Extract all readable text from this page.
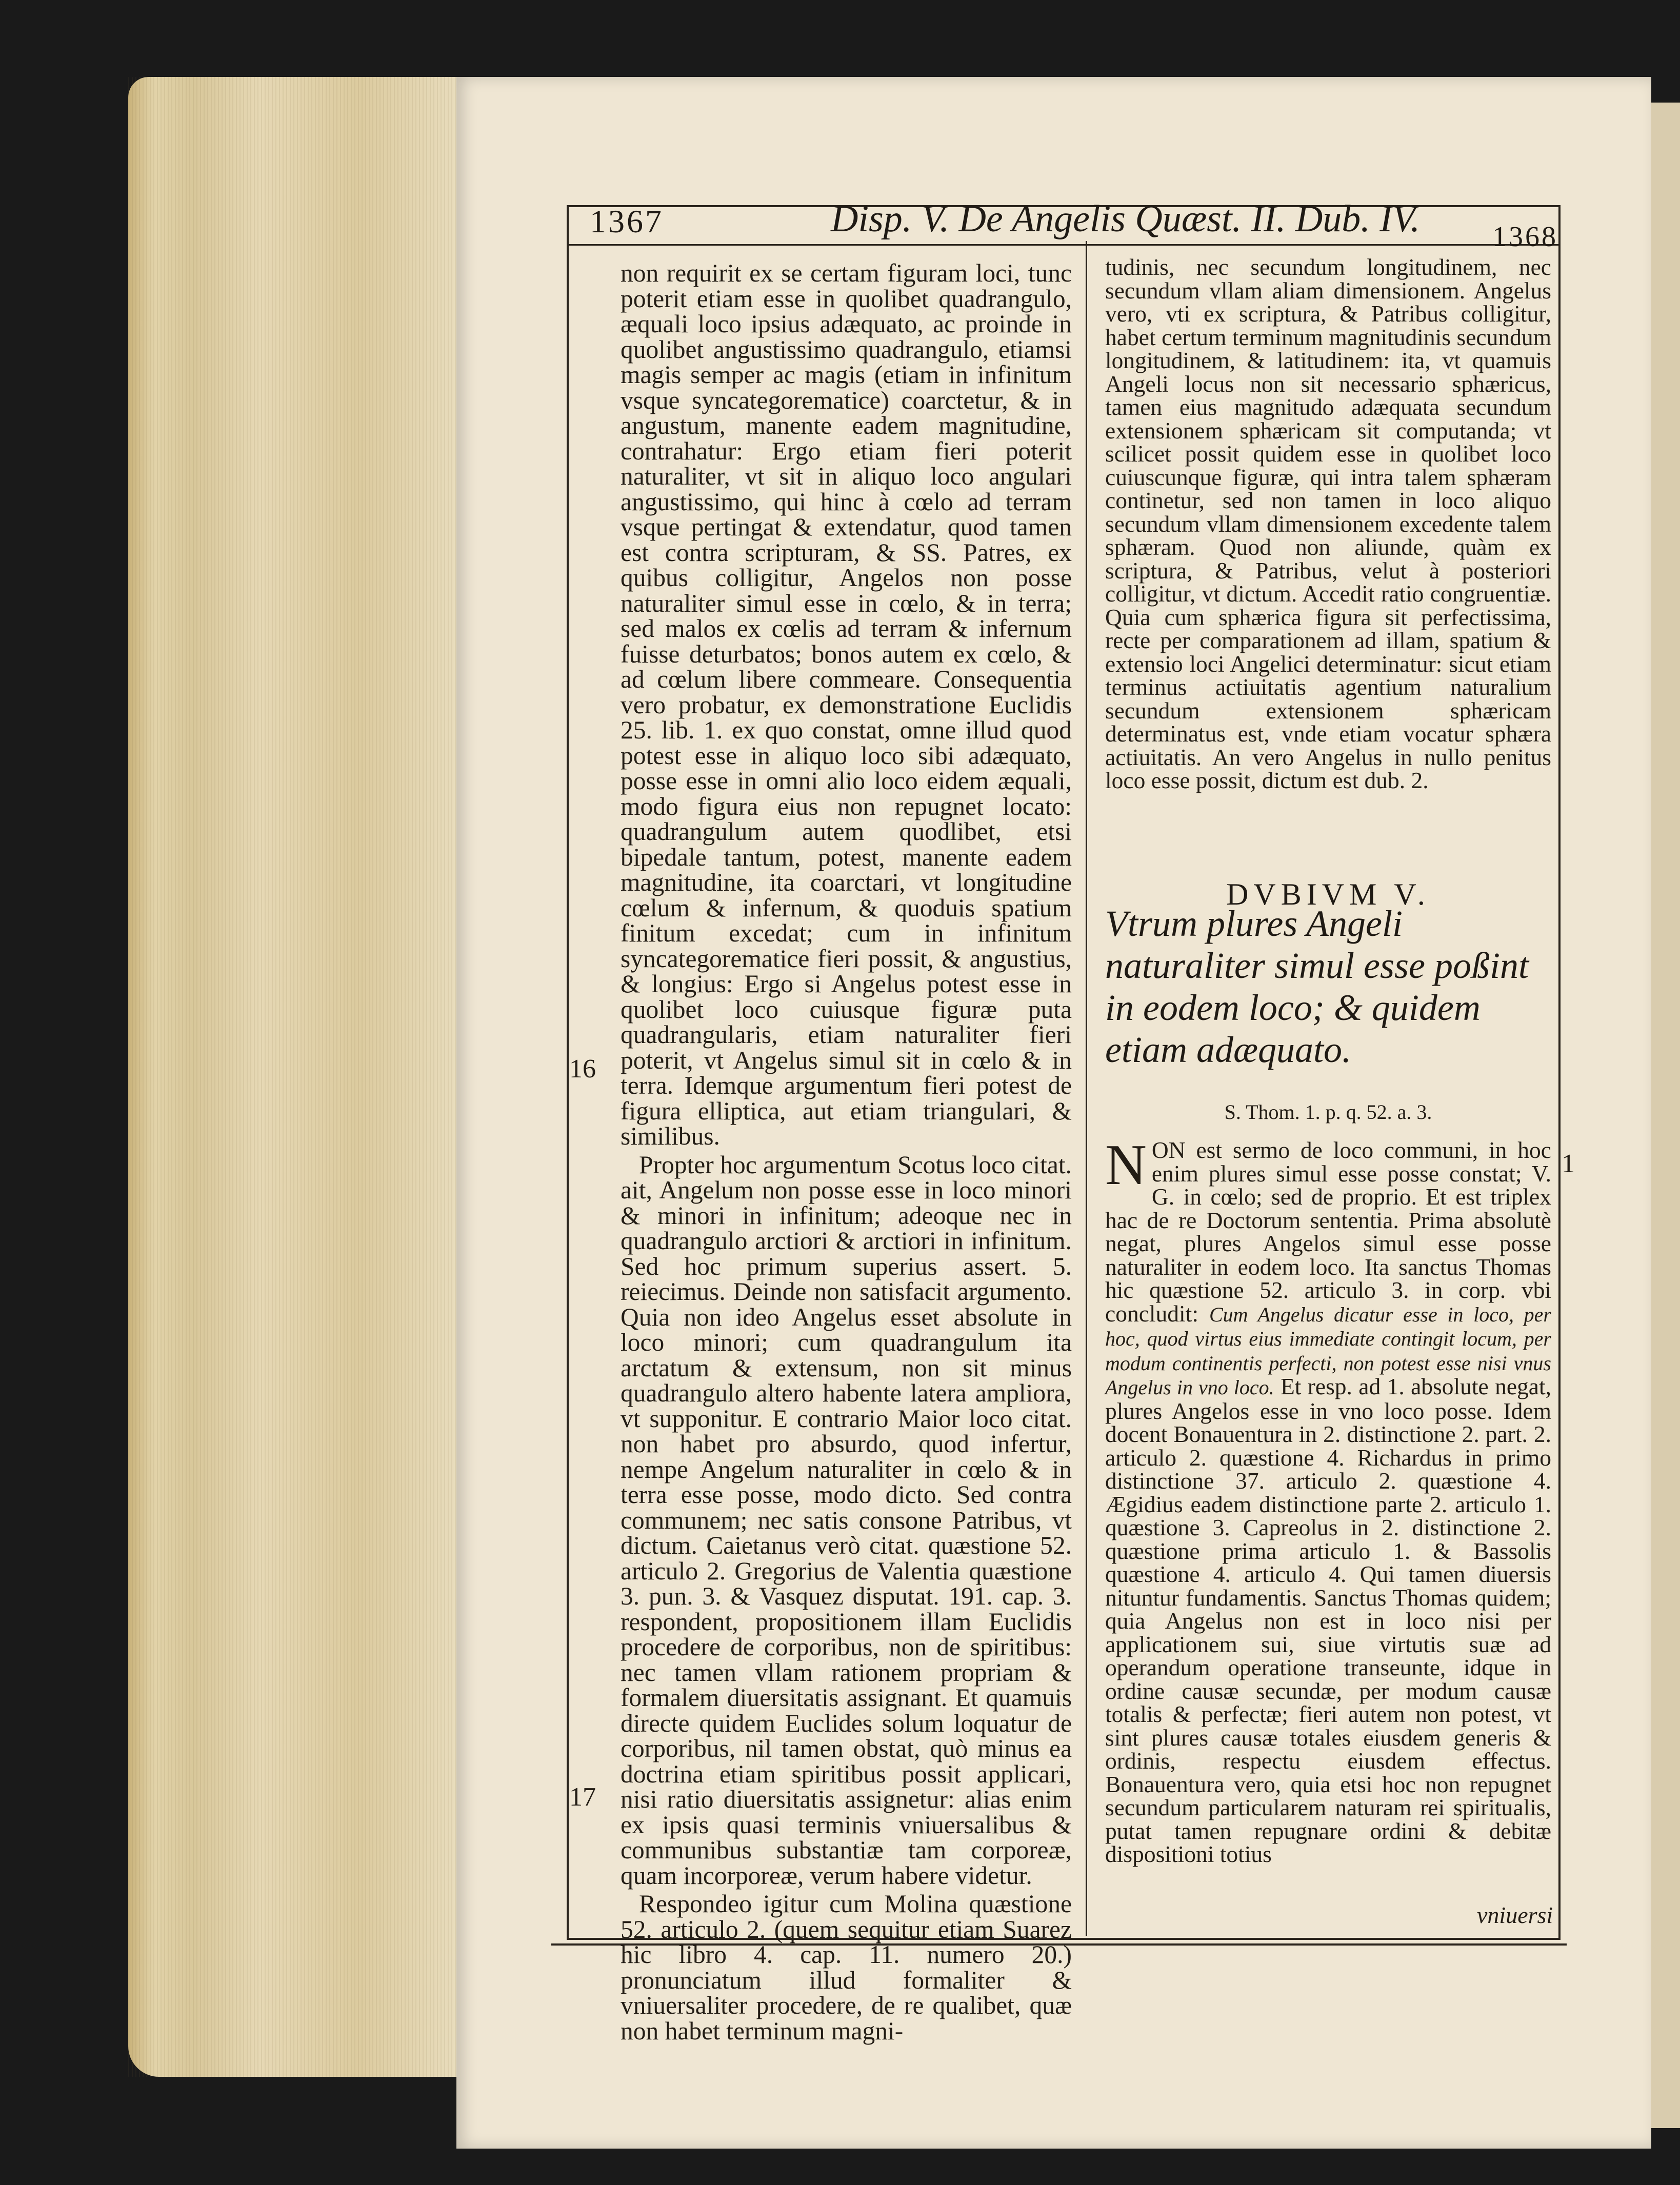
1367	Disp. V. De Angelis Quæst. II. Dub. IV.	1368

non requirit ex se certam figuram loci, tunc poterit etiam esse in quolibet quadrangulo, æquali loco ipsius adæquato, ac proinde in quolibet angustissimo quadrangulo, etiamsi magis semper ac magis (etiam in infinitum vsque syncategorematice) coarctetur, & in angustum, manente eadem magnitudine, contrahatur: Ergo etiam fieri poterit naturaliter, vt sit in aliquo loco angulari angustissimo, qui hinc à cœlo ad terram vsque pertingat & extendatur, quod tamen est contra scripturam, & SS. Patres, ex quibus colligitur, Angelos non posse naturaliter simul esse in cœlo, & in terra; sed malos ex cœlis ad terram & infernum fuisse deturbatos; bonos autem ex cœlo, & ad cœlum libere commeare. Consequentia vero probatur, ex demonstratione Euclidis 25. lib. 1. ex quo constat, omne illud quod potest esse in aliquo loco sibi adæquato, posse esse in omni alio loco eidem æquali, modo figura eius non repugnet locato: quadrangulum autem quodlibet, etsi bipedale tantum, potest, manente eadem magnitudine, ita coarctari, vt longitudine cœlum & infernum, & quoduis spatium finitum excedat; cum in infinitum syncategorematice fieri possit, & angustius, & longius: Ergo si Angelus potest esse in quolibet loco cuiusque figuræ puta quadrangularis, etiam naturaliter fieri poterit, vt Angelus simul sit in cœlo & in terra. Idemque argumentum fieri potest de figura elliptica, aut etiam triangulari, & similibus.

Propter hoc argumentum Scotus loco citat. ait, Angelum non posse esse in loco minori & minori in infinitum; adeoque nec in quadrangulo arctiori & arctiori in infinitum. Sed hoc primum superius assert. 5. reiecimus. Deinde non satisfacit argumento. Quia non ideo Angelus esset absolute in loco minori; cum quadrangulum ita arctatum & extensum, non sit minus quadrangulo altero habente latera ampliora, vt supponitur. E contrario Maior loco citat. non habet pro absurdo, quod infertur, nempe Angelum naturaliter in cœlo & in terra esse posse, modo dicto. Sed contra communem; nec satis consone Patribus, vt dictum. Caietanus verò citat. quæstione 52. articulo 2. Gregorius de Valentia quæstione 3. pun. 3. & Vasquez disputat. 191. cap. 3. respondent, propositionem illam Euclidis procedere de corporibus, non de spiritibus: nec tamen vllam rationem propriam & formalem diuersitatis assignant. Et quamuis directe quidem Euclides solum loquatur de corporibus, nil tamen obstat, quò minus ea doctrina etiam spiritibus possit applicari, nisi ratio diuersitatis assignetur: alias enim ex ipsis quasi terminis vniuersalibus & communibus substantiæ tam corporeæ, quam incorporeæ, verum habere videtur.

Respondeo igitur cum Molina quæstione 52. articulo 2. (quem sequitur etiam Suarez hic libro 4. cap. 11. numero 20.) pronunciatum illud formaliter & vniuersaliter procedere, de re qualibet, quæ non habet terminum magni-

16
17

tudinis, nec secundum longitudinem, nec secundum vllam aliam dimensionem. Angelus vero, vti ex scriptura, & Patribus colligitur, habet certum terminum magnitudinis secundum longitudinem, & latitudinem: ita, vt quamuis Angeli locus non sit necessario sphæricus, tamen eius magnitudo adæquata secundum extensionem sphæricam sit computanda; vt scilicet possit quidem esse in quolibet loco cuiuscunque figuræ, qui intra talem sphæram continetur, sed non tamen in loco aliquo secundum vllam dimensionem excedente talem sphæram. Quod non aliunde, quàm ex scriptura, & Patribus, velut à posteriori colligitur, vt dictum. Accedit ratio congruentiæ. Quia cum sphærica figura sit perfectissima, recte per comparationem ad illam, spatium & extensio loci Angelici determinatur: sicut etiam terminus actiuitatis agentium naturalium secundum extensionem sphæricam determinatus est, vnde etiam vocatur sphæra actiuitatis. An vero Angelus in nullo penitus loco esse possit, dictum est dub. 2.

DVBIVM V.
Vtrum plures Angeli naturaliter simul esse poßint in eodem loco; & quidem etiam adæquato.
S. Thom. 1. p. q. 52. a. 3.
1
NON est sermo de loco communi, in hoc enim plures simul esse posse constat; V. G. in cœlo; sed de proprio. Et est triplex hac de re Doctorum sententia. Prima absolutè negat, plures Angelos simul esse posse naturaliter in eodem loco. Ita sanctus Thomas hic quæstione 52. articulo 3. in corp. vbi concludit: Cum Angelus dicatur esse in loco, per hoc, quod virtus eius immediate contingit locum, per modum continentis perfecti, non potest esse nisi vnus Angelus in vno loco. Et resp. ad 1. absolute negat, plures Angelos esse in vno loco posse. Idem docent Bonauentura in 2. distinctione 2. part. 2. articulo 2. quæstione 4. Richardus in primo distinctione 37. articulo 2. quæstione 4. Ægidius eadem distinctione parte 2. articulo 1. quæstione 3. Capreolus in 2. distinctione 2. quæstione prima articulo 1. & Bassolis quæstione 4. articulo 4. Qui tamen diuersis nituntur fundamentis. Sanctus Thomas quidem; quia Angelus non est in loco nisi per applicationem sui, siue virtutis suæ ad operandum operatione transeunte, idque in ordine causæ secundæ, per modum causæ totalis & perfectæ; fieri autem non potest, vt sint plures causæ totales eiusdem generis & ordinis, respectu eiusdem effectus. Bonauentura vero, quia etsi hoc non repugnet secundum particularem naturam rei spiritualis, putat tamen repugnare ordini & debitæ dispositioni totius
vniuersi
